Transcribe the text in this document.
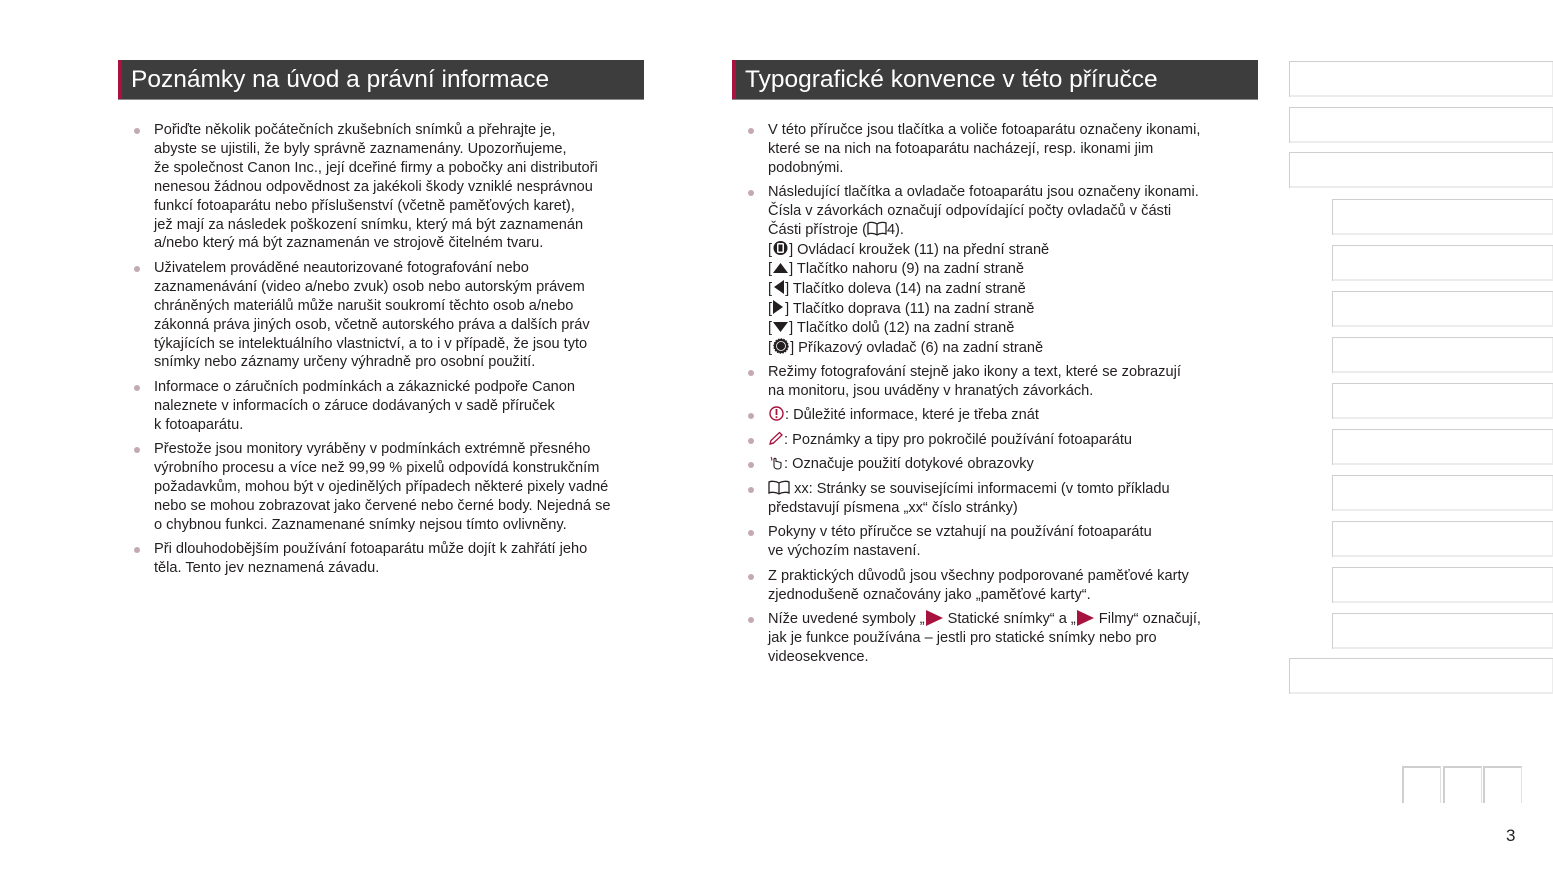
Poznámky na úvod a právní informace
Pořiďte několik počátečních zkušebních snímků a přehrajte je,
abyste se ujistili, že byly správně zaznamenány. Upozorňujeme,
že společnost Canon Inc., její dceřiné firmy a pobočky ani distributoři
nenesou žádnou odpovědnost za jakékoli škody vzniklé nesprávnou
funkcí fotoaparátu nebo příslušenství (včetně paměťových karet),
jež mají za následek poškození snímku, který má být zaznamenán
a/nebo který má být zaznamenán ve strojově čitelném tvaru.
Uživatelem prováděné neautorizované fotografování nebo
zaznamenávání (video a/nebo zvuk) osob nebo autorským právem
chráněných materiálů může narušit soukromí těchto osob a/nebo
zákonná práva jiných osob, včetně autorského práva a dalších práv
týkajících se intelektuálního vlastnictví, a to i v případě, že jsou tyto
snímky nebo záznamy určeny výhradně pro osobní použití.
Informace o záručních podmínkách a zákaznické podpoře Canon
naleznete v informacích o záruce dodávaných v sadě příruček
k fotoaparátu.
Přestože jsou monitory vyráběny v podmínkách extrémně přesného
výrobního procesu a více než 99,99 % pixelů odpovídá konstrukčním
požadavkům, mohou být v ojedinělých případech některé pixely vadné
nebo se mohou zobrazovat jako červené nebo černé body. Nejedná se
o chybnou funkci. Zaznamenané snímky nejsou tímto ovlivněny.
Při dlouhodobějším používání fotoaparátu může dojít k zahřátí jeho
těla. Tento jev neznamená závadu.
Typografické konvence v této příručce
V této příručce jsou tlačítka a voliče fotoaparátu označeny ikonami,
které se na nich na fotoaparátu nacházejí, resp. ikonami jim
podobnými.
Následující tlačítka a ovladače fotoaparátu jsou označeny ikonami.
Čísla v závorkách označují odpovídající počty ovladačů v části
Části přístroje ( 4).
[ ] Ovládací kroužek (11) na přední straně
[ ] Tlačítko nahoru (9) na zadní straně
[ ] Tlačítko doleva (14) na zadní straně
[ ] Tlačítko doprava (11) na zadní straně
[ ] Tlačítko dolů (12) na zadní straně
[ ] Příkazový ovladač (6) na zadní straně
Režimy fotografování stejně jako ikony a text, které se zobrazují
na monitoru, jsou uváděny v hranatých závorkách.
: Důležité informace, které je třeba znát
: Poznámky a tipy pro pokročilé používání fotoaparátu
: Označuje použití dotykové obrazovky
xx: Stránky se souvisejícími informacemi (v tomto příkladu
představují písmena „xx“ číslo stránky)
Pokyny v této příručce se vztahují na používání fotoaparátu
ve výchozím nastavení.
Z praktických důvodů jsou všechny podporované paměťové karty
zjednodušeně označovány jako „paměťové karty“.
Níže uvedené symboly „ Statické snímky“ a „ Filmy“ označují,
jak je funkce používána – jestli pro statické snímky nebo pro
videosekvence.
3
